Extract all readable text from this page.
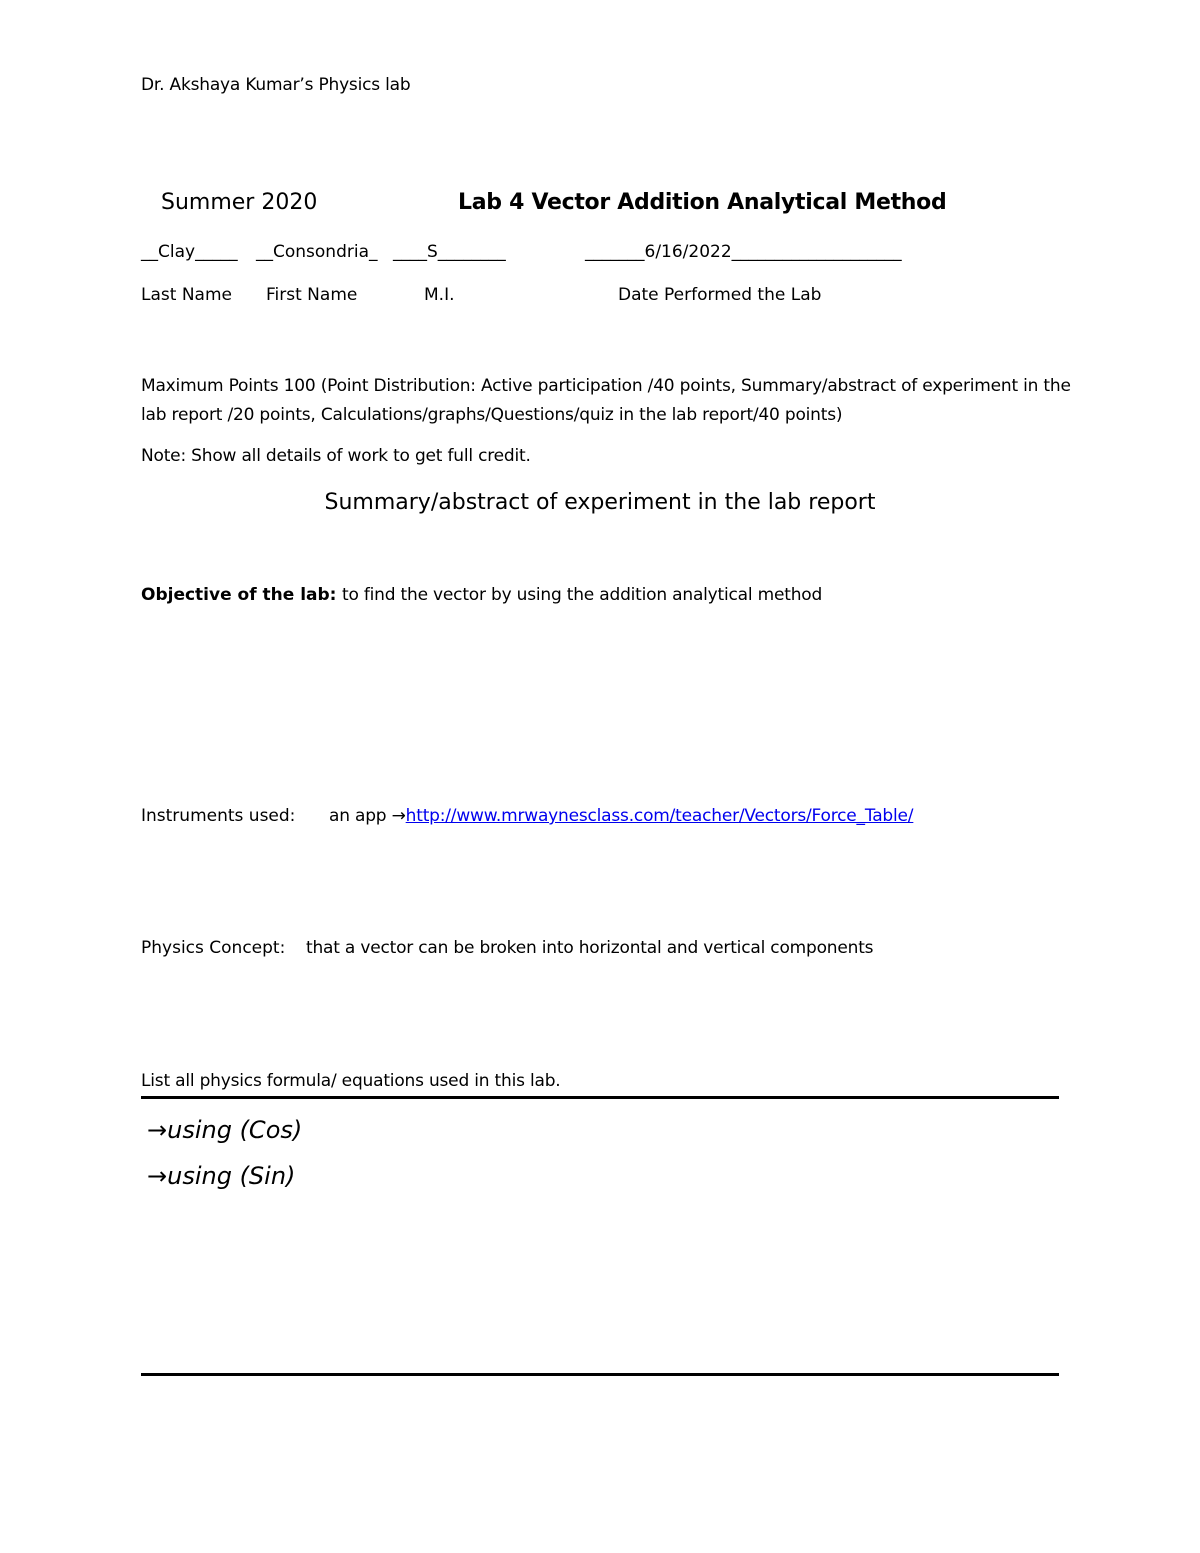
Dr. Akshaya Kumar’s Physics lab
Summer 2020	Lab 4 Vector Addition Analytical Method
__Clay_____ __Consondria_ ____S________	_______6/16/2022____________________
Last Name First Name	M.I.	Date Performed the Lab
Maximum Points 100 (Point Distribution: Active participation /40 points, Summary/abstract of experiment in the lab report /20 points, Calculations/graphs/Questions/quiz in the lab report/40 points)
Note: Show all details of work to get full credit.
Summary/abstract of experiment in the lab report
Objective of the lab: to find the vector by using the addition analytical method
Instruments used: an app →http://www.mrwaynesclass.com/teacher/Vectors/Force_Table/
Physics Concept: that a vector can be broken into horizontal and vertical components
List all physics formula/ equations used in this lab.
→using (Cos)
→using (Sin)
